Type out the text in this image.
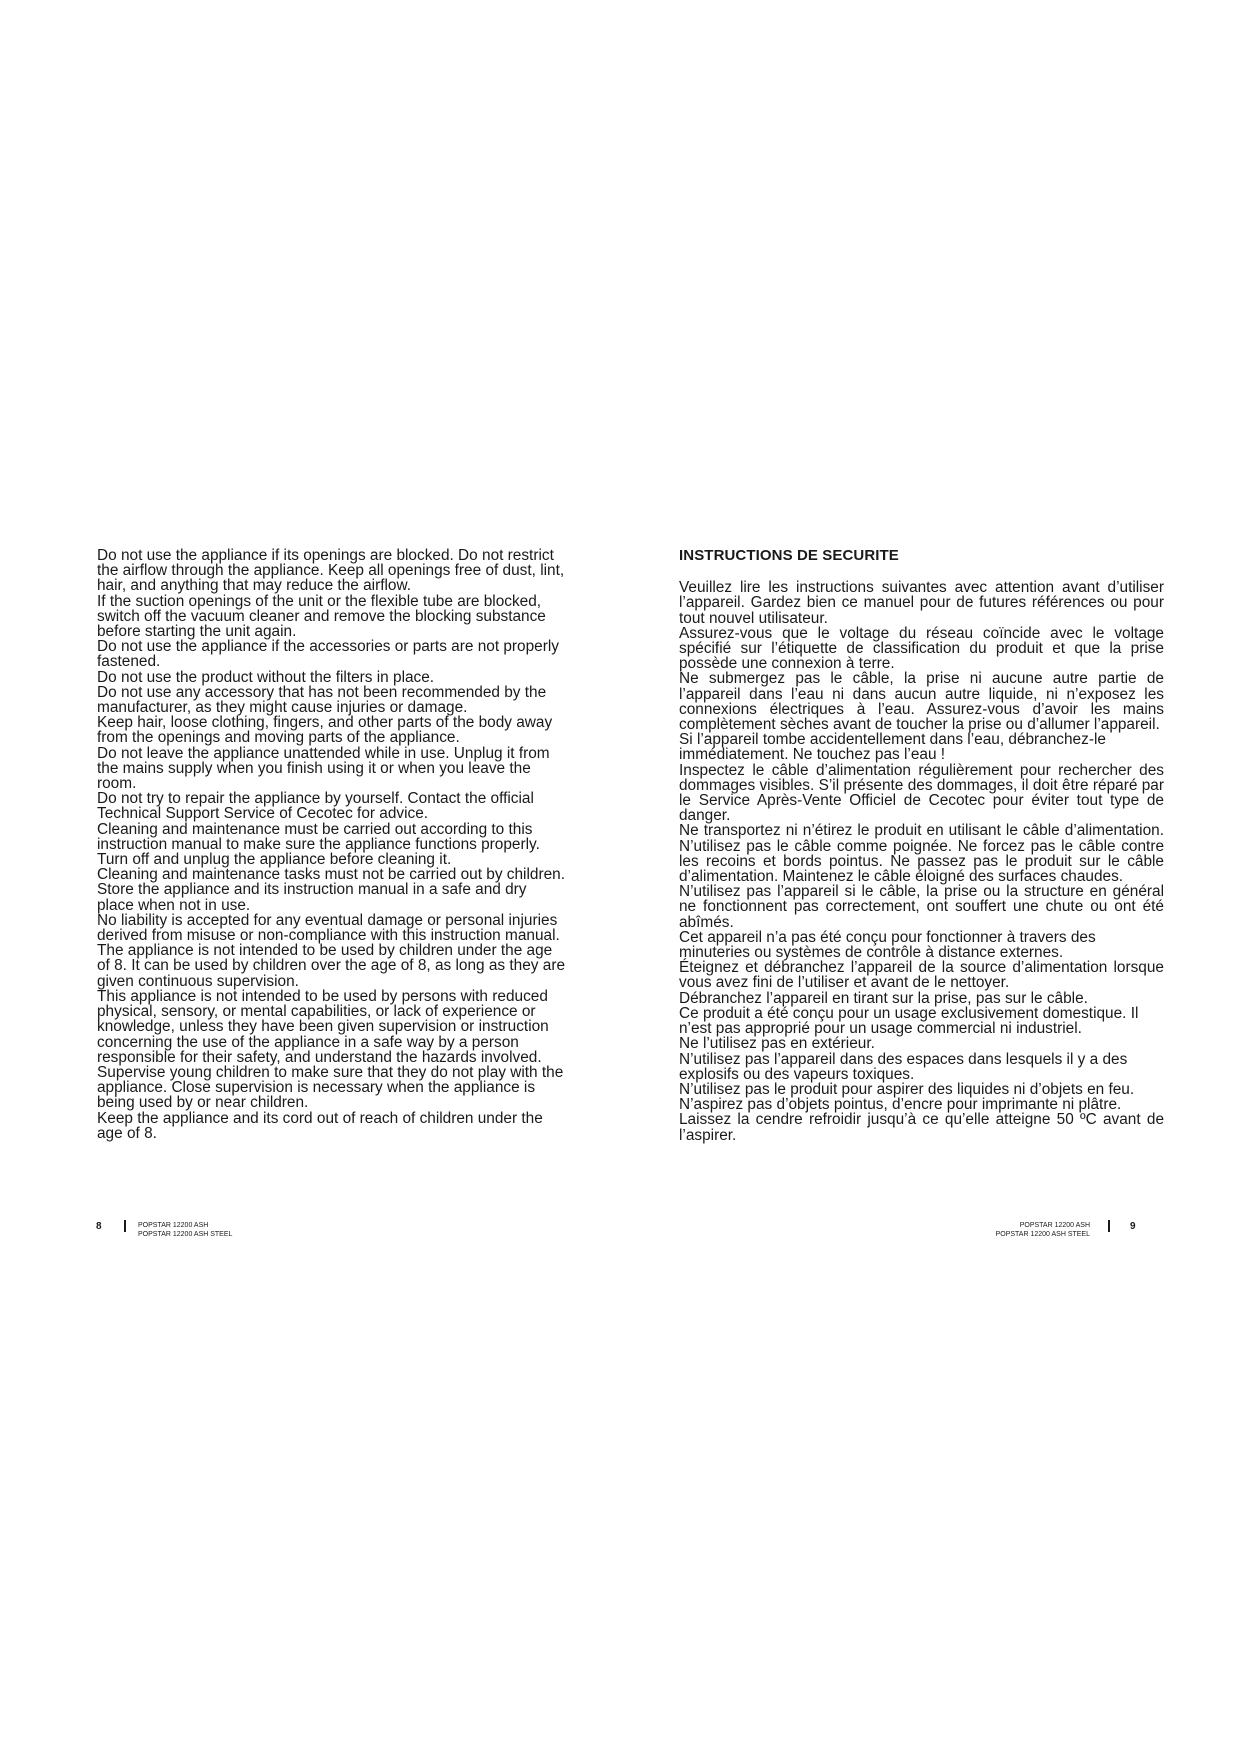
Do not use the appliance if its openings are blocked. Do not restrict the airflow through the appliance. Keep all openings free of dust, lint, hair, and anything that may reduce the airflow.

If the suction openings of the unit or the flexible tube are blocked, switch off the vacuum cleaner and remove the blocking substance before starting the unit again.

Do not use the appliance if the accessories or parts are not properly fastened.

Do not use the product without the filters in place.

Do not use any accessory that has not been recommended by the manufacturer, as they might cause injuries or damage.

Keep hair, loose clothing, fingers, and other parts of the body away from the openings and moving parts of the appliance.

Do not leave the appliance unattended while in use. Unplug it from the mains supply when you finish using it or when you leave the room.

Do not try to repair the appliance by yourself. Contact the official Technical Support Service of Cecotec for advice.

Cleaning and maintenance must be carried out according to this instruction manual to make sure the appliance functions properly. Turn off and unplug the appliance before cleaning it.

Cleaning and maintenance tasks must not be carried out by children.

Store the appliance and its instruction manual in a safe and dry place when not in use.

No liability is accepted for any eventual damage or personal injuries derived from misuse or non-compliance with this instruction manual.

The appliance is not intended to be used by children under the age of 8. It can be used by children over the age of 8, as long as they are given continuous supervision.

This appliance is not intended to be used by persons with reduced physical, sensory, or mental capabilities, or lack of experience or knowledge, unless they have been given supervision or instruction concerning the use of the appliance in a safe way by a person responsible for their safety, and understand the hazards involved.

Supervise young children to make sure that they do not play with the appliance. Close supervision is necessary when the appliance is being used by or near children.

Keep the appliance and its cord out of reach of children under the age of 8.

8	POPSTAR 12200 ASH
POPSTAR 12200 ASH STEEL
INSTRUCTIONS DE SECURITE

Veuillez lire les instructions suivantes avec attention avant d’utiliser l’appareil. Gardez bien ce manuel pour de futures références ou pour tout nouvel utilisateur.

Assurez-vous que le voltage du réseau coïncide avec le voltage spécifié sur l’étiquette de classification du produit et que la prise possède une connexion à terre.

Ne submergez pas le câble, la prise ni aucune autre partie de l’appareil dans l’eau ni dans aucun autre liquide, ni n’exposez les connexions électriques à l’eau. Assurez-vous d’avoir les mains complètement sèches avant de toucher la prise ou d’allumer l’appareil.

Si l’appareil tombe accidentellement dans l’eau, débranchez-le immédiatement. Ne touchez pas l’eau !

Inspectez le câble d’alimentation régulièrement pour rechercher des dommages visibles. S’il présente des dommages, il doit être réparé par le Service Après-Vente Officiel de Cecotec pour éviter tout type de danger.

Ne transportez ni n’étirez le produit en utilisant le câble d’alimentation. N’utilisez pas le câble comme poignée. Ne forcez pas le câble contre les recoins et bords pointus. Ne passez pas le produit sur le câble d’alimentation. Maintenez le câble éloigné des surfaces chaudes.

N’utilisez pas l’appareil si le câble, la prise ou la structure en général ne fonctionnent pas correctement, ont souffert une chute ou ont été abîmés.

Cet appareil n’a pas été conçu pour fonctionner à travers des minuteries ou systèmes de contrôle à distance externes.

Éteignez et débranchez l’appareil de la source d’alimentation lorsque vous avez fini de l’utiliser et avant de le nettoyer.

Débranchez l’appareil en tirant sur la prise, pas sur le câble.

Ce produit a été conçu pour un usage exclusivement domestique. Il n’est pas approprié pour un usage commercial ni industriel.

Ne l’utilisez pas en extérieur.

N’utilisez pas l’appareil dans des espaces dans lesquels il y a des explosifs ou des vapeurs toxiques.

N’utilisez pas le produit pour aspirer des liquides ni d’objets en feu. N’aspirez pas d’objets pointus, d’encre pour imprimante ni plâtre.

Laissez la cendre refroidir jusqu’à ce qu’elle atteigne 50 ºC avant de l’aspirer.

POPSTAR 12200 ASH
POPSTAR 12200 ASH STEEL
9
